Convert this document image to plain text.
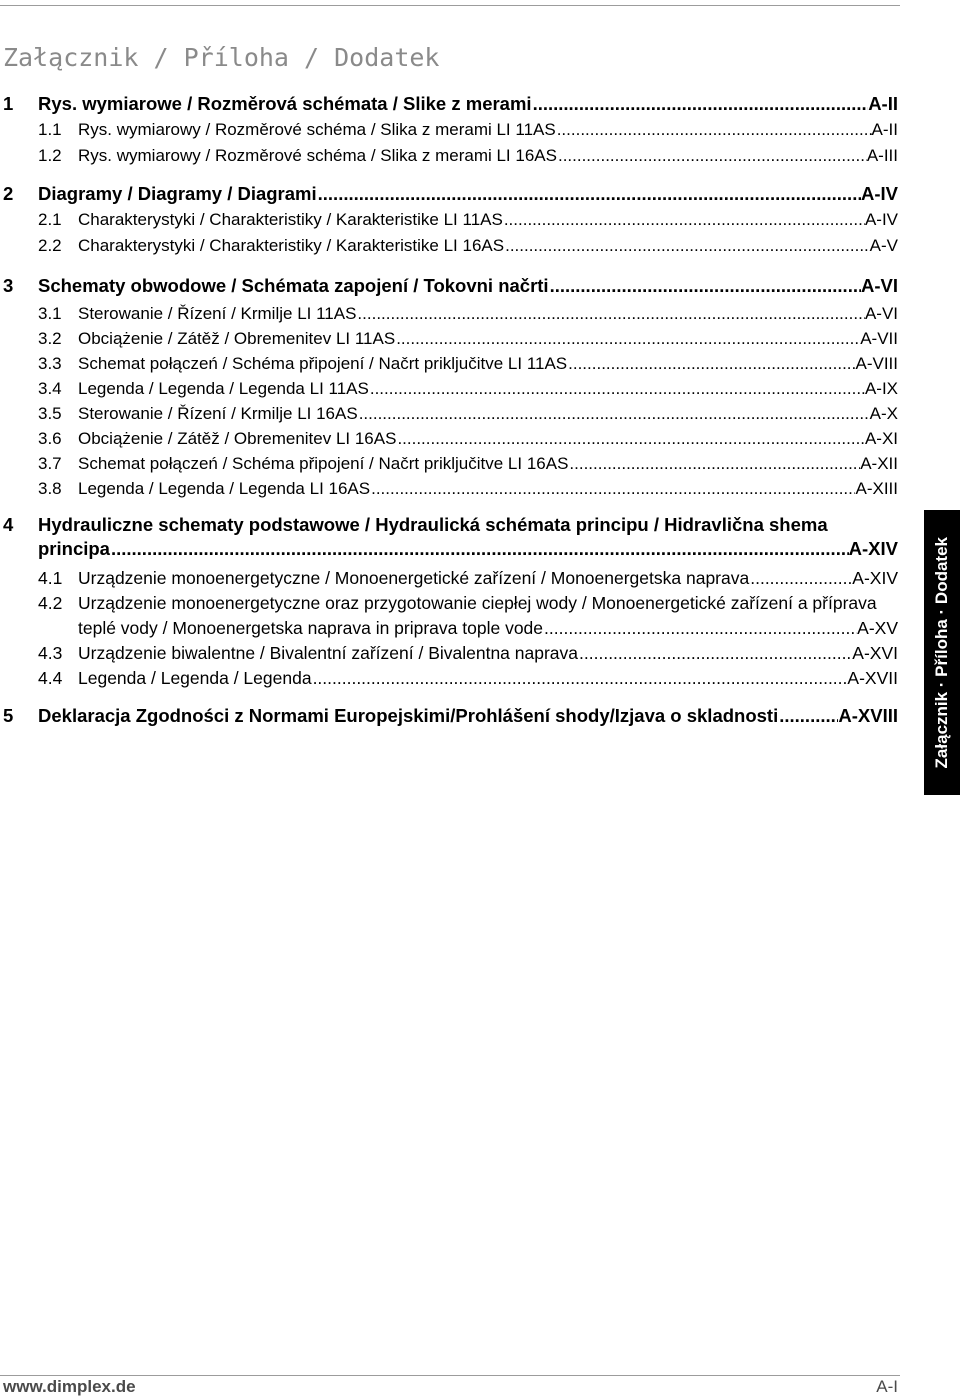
Załącznik / Příloha / Dodatek
1	Rys. wymiarowe / Rozměrová schémata / Slike z merami .....	A-II
1.1 Rys. wymiarowy / Rozměrové schéma / Slika z merami LI 11AS .....	A-II
1.2 Rys. wymiarowy / Rozměrové schéma / Slika z merami LI 16AS .....	A-III
2	Diagramy / Diagramy / Diagrami .....	A-IV
2.1 Charakterystyki / Charakteristiky / Karakteristike LI 11AS .....	A-IV
2.2 Charakterystyki / Charakteristiky / Karakteristike LI 16AS .....	A-V
3	Schematy obwodowe / Schémata zapojení / Tokovni načrti .....	A-VI
3.1 Sterowanie / Řízení / Krmilje LI 11AS .....	A-VI
3.2 Obciążenie / Zátěž / Obremenitev LI 11AS .....	A-VII
3.3 Schemat połączeń / Schéma připojení / Načrt priključitve LI 11AS .....	A-VIII
3.4 Legenda / Legenda / Legenda LI 11AS .....	A-IX
3.5 Sterowanie / Řízení / Krmilje LI 16AS .....	A-X
3.6 Obciążenie / Zátěž / Obremenitev LI 16AS .....	A-XI
3.7 Schemat połączeń / Schéma připojení / Načrt priključitve LI 16AS .....	A-XII
3.8 Legenda / Legenda / Legenda LI 16AS .....	A-XIII
4	Hydrauliczne schematy podstawowe / Hydraulická schémata principu / Hidravlična shema
principa .....	A-XIV
4.1 Urządzenie monoenergetyczne / Monoenergetické zařízení / Monoenergetska naprava .....	A-XIV
4.2 Urządzenie monoenergetyczne oraz przygotowanie ciepłej wody / Monoenergetické zařízení a příprava
teplé vody / Monoenergetska naprava in priprava tople vode .....	A-XV
4.3 Urządzenie biwalentne / Bivalentní zařízení / Bivalentna naprava .....	A-XVI
4.4 Legenda / Legenda / Legenda .....	A-XVII
5	Deklaracja Zgodności z Normami Europejskimi/Prohlášení shody/Izjava o skladnosti .....	A-XVIII Załącznik · Příloha · Dodatek
www.dimplex.de	A-I
